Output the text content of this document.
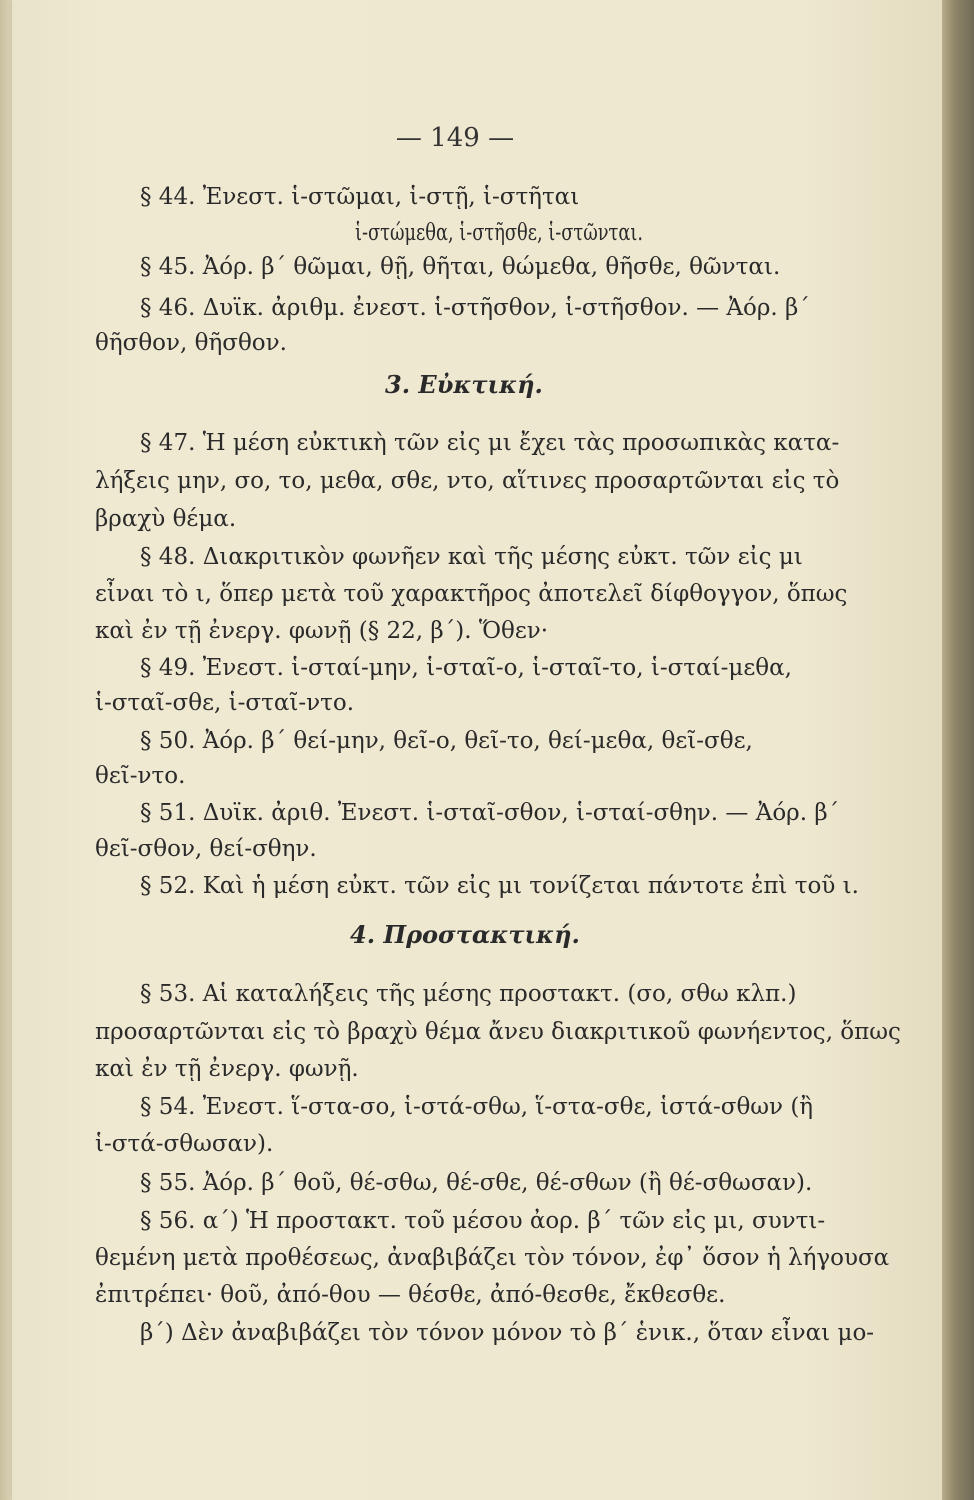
— 149 —
§ 44. Ἐνεστ. ἱ-στῶμαι, ἱ-στῇ, ἱ-στῆται
ἱ-στώμεθα, ἱ-στῆσθε, ἱ-στῶνται.
§ 45. Ἀόρ. β´ θῶμαι, θῇ, θῆται, θώμεθα, θῆσθε, θῶνται.
§ 46. Δυϊκ. ἀριθμ. ἐνεστ. ἱ-στῆσθον, ἱ-στῆσθον. — Ἀόρ. β´
θῆσθον, θῆσθον.
3. Εὐκτική.
§ 47. Ἡ μέση εὐκτικὴ τῶν εἰς μι ἔχει τὰς προσωπικὰς κατα-
λήξεις μην, σο, το, μεθα, σθε, ντο, αἵτινες προσαρτῶνται εἰς τὸ
βραχὺ θέμα.
§ 48. Διακριτικὸν φωνῆεν καὶ τῆς μέσης εὐκτ. τῶν εἰς μι
εἶναι τὸ ι, ὅπερ μετὰ τοῦ χαρακτῆρος ἀποτελεῖ δίφθογγον, ὅπως
καὶ ἐν τῇ ἐνεργ. φωνῇ (§ 22, β´). Ὅθεν·
§ 49. Ἐνεστ. ἱ-σταί-μην, ἱ-σταῖ-ο, ἱ-σταῖ-το, ἱ-σταί-μεθα,
ἱ-σταῖ-σθε, ἱ-σταῖ-ντο.
§ 50. Ἀόρ. β´ θεί-μην, θεῖ-ο, θεῖ-το, θεί-μεθα, θεῖ-σθε,
θεῖ-ντο.
§ 51. Δυϊκ. ἀριθ. Ἐνεστ. ἱ-σταῖ-σθον, ἱ-σταί-σθην. — Ἀόρ. β´
θεῖ-σθον, θεί-σθην.
§ 52. Καὶ ἡ μέση εὐκτ. τῶν εἰς μι τονίζεται πάντοτε ἐπὶ τοῦ ι.
4. Προστακτική.
§ 53. Αἱ καταλήξεις τῆς μέσης προστακτ. (σο, σθω κλπ.)
προσαρτῶνται εἰς τὸ βραχὺ θέμα ἄνευ διακριτικοῦ φωνήεντος, ὅπως
καὶ ἐν τῇ ἐνεργ. φωνῇ.
§ 54. Ἐνεστ. ἵ-στα-σο, ἱ-στά-σθω, ἵ-στα-σθε, ἱστά-σθων (ἢ
ἱ-στά-σθωσαν).
§ 55. Ἀόρ. β´ θοῦ, θέ-σθω, θέ-σθε, θέ-σθων (ἢ θέ-σθωσαν).
§ 56. α´) Ἡ προστακτ. τοῦ μέσου ἀορ. β´ τῶν εἰς μι, συντι-
θεμένη μετὰ προθέσεως, ἀναβιβάζει τὸν τόνον, ἐφ᾽ ὅσον ἡ λήγουσα
ἐπιτρέπει· θοῦ, ἀπό-θου — θέσθε, ἀπό-θεσθε, ἔκθεσθε.
β´) Δὲν ἀναβιβάζει τὸν τόνον μόνον τὸ β´ ἑνικ., ὅταν εἶναι μο-
